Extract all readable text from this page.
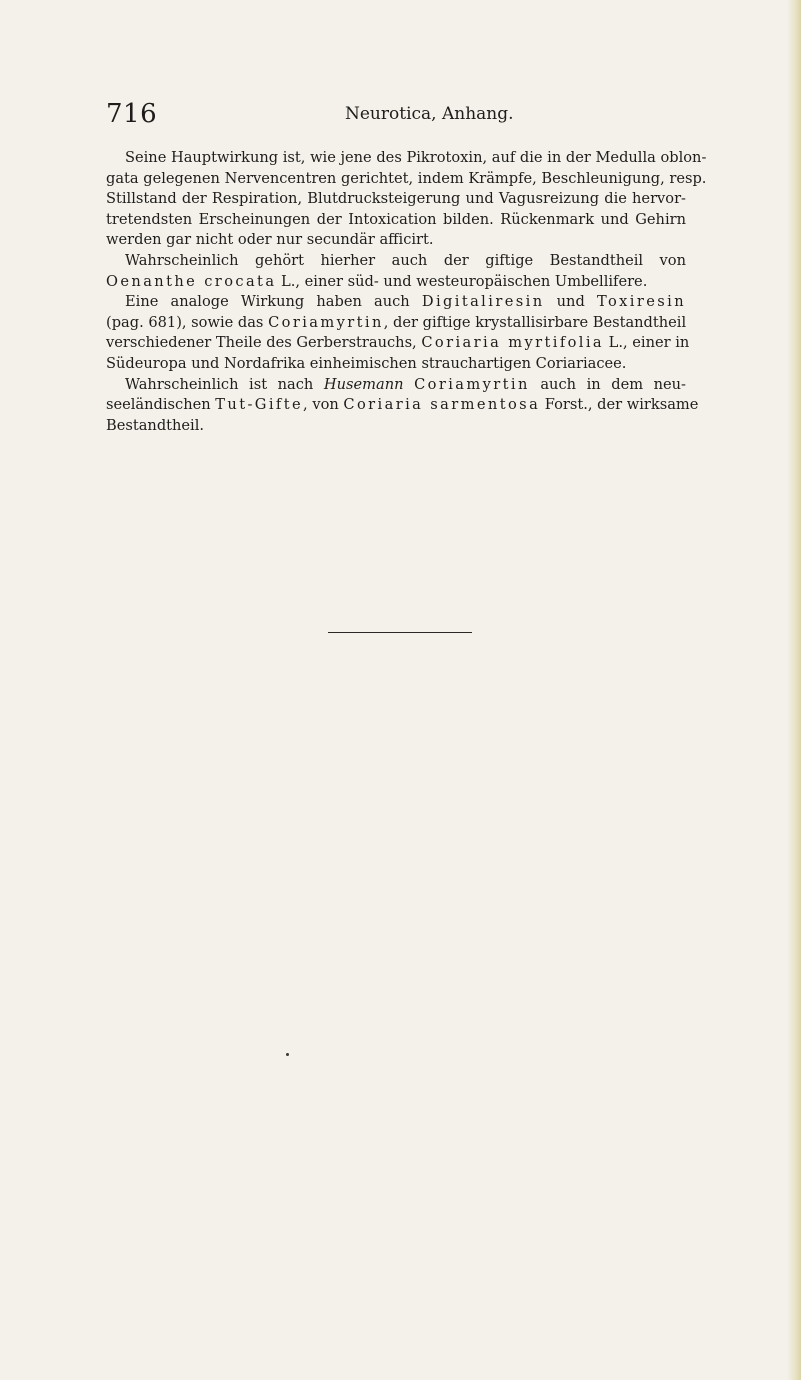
716	Neurotica, Anhang.
Seine Hauptwirkung ist, wie jene des Pikrotoxin, auf die in der Medulla oblon-
gata gelegenen Nervencentren gerichtet, indem Krämpfe, Beschleunigung, resp.
Stillstand der Respiration, Blutdrucksteigerung und Vagusreizung die hervor-
tretendsten Erscheinungen der Intoxication bilden. Rückenmark und Gehirn
werden gar nicht oder nur secundär afficirt.
Wahrscheinlich gehört hierher auch der giftige Bestandtheil von
Oenanthe crocata L., einer süd- und westeuropäischen Umbellifere.
Eine analoge Wirkung haben auch Digitaliresin und Toxiresin
(pag. 681), sowie das Coriamyrtin, der giftige krystallisirbare Bestandtheil
verschiedener Theile des Gerberstrauchs, Coriaria myrtifolia L., einer in
Südeuropa und Nordafrika einheimischen strauchartigen Coriariacee.
Wahrscheinlich ist nach Husemann Coriamyrtin auch in dem neu-
seeländischen Tut-Gifte, von Coriaria sarmentosa Forst., der wirksame
Bestandtheil.
